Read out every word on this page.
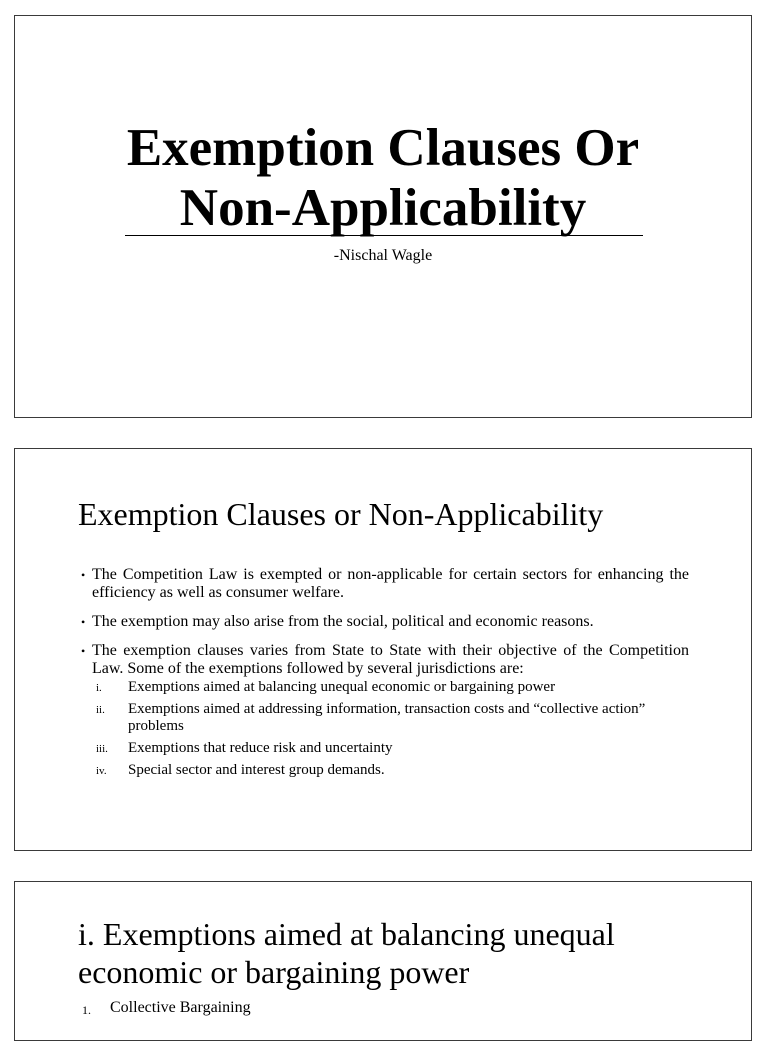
Exemption Clauses Or
Non-Applicability
-Nischal Wagle
Exemption Clauses or Non-Applicability
• The Competition Law is exempted or non-applicable for certain sectors for enhancing the efficiency as well as consumer welfare.
• The exemption may also arise from the social, political and economic reasons.
• The exemption clauses varies from State to State with their objective of the Competition Law. Some of the exemptions followed by several jurisdictions are:
i. Exemptions aimed at balancing unequal economic or bargaining power
ii. Exemptions aimed at addressing information, transaction costs and “collective action” problems
iii. Exemptions that reduce risk and uncertainty
iv. Special sector and interest group demands.
i. Exemptions aimed at balancing unequal economic or bargaining power
1. Collective Bargaining
